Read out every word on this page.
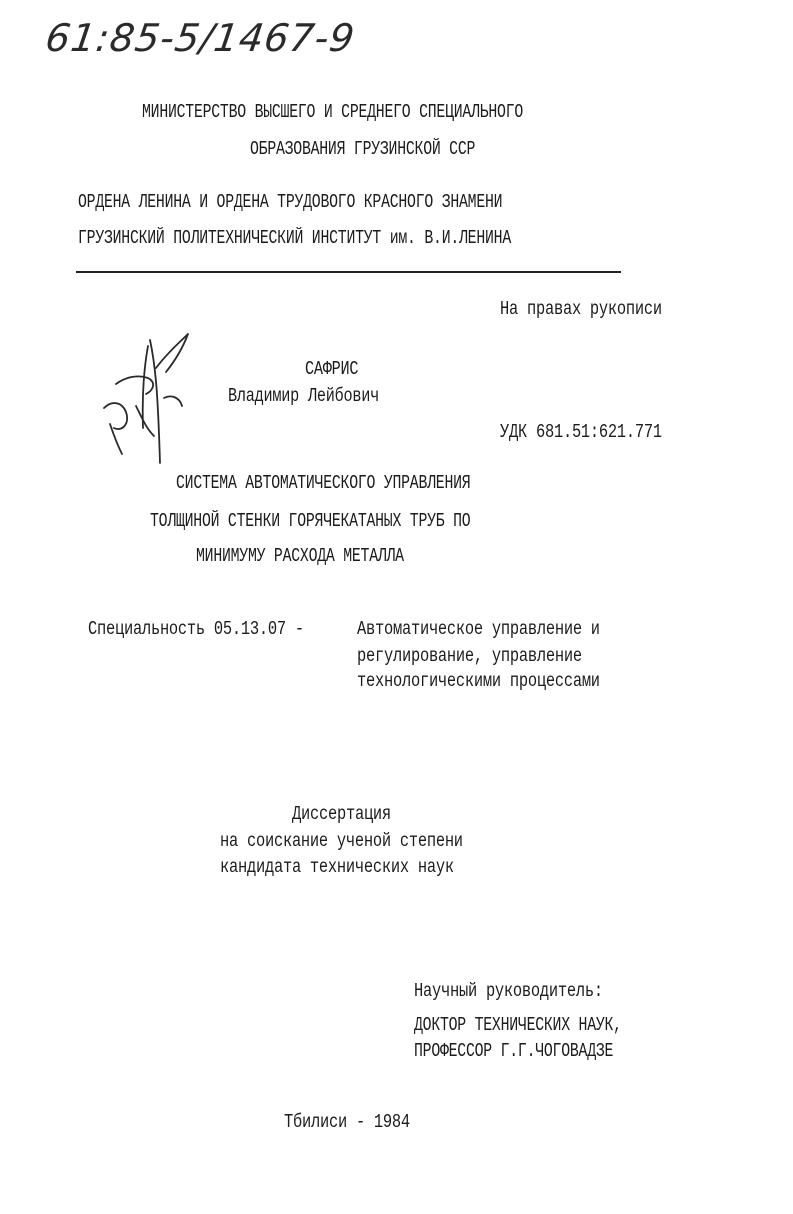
61:85-5/1467-9
МИНИСТЕРСТВО ВЫСШЕГО И СРЕДНЕГО СПЕЦИАЛЬНОГО
ОБРАЗОВАНИЯ ГРУЗИНСКОЙ ССР
ОРДЕНА ЛЕНИНА И ОРДЕНА ТРУДОВОГО КРАСНОГО ЗНАМЕНИ
ГРУЗИНСКИЙ ПОЛИТЕХНИЧЕСКИЙ ИНСТИТУТ им. В.И.ЛЕНИНА
На правах рукописи
САФРИС
Владимир Лейбович
УДК 681.51:621.771
СИСТЕМА АВТОМАТИЧЕСКОГО УПРАВЛЕНИЯ
ТОЛЩИНОЙ СТЕНКИ ГОРЯЧЕКАТАНЫХ ТРУБ ПО
МИНИМУМУ РАСХОДА МЕТАЛЛА
Специальность 05.13.07 -	Автоматическое управление и
регулирование, управление
технологическими процессами
Диссертация
на соискание ученой степени
кандидата технических наук
Научный руководитель:
ДОКТОР ТЕХНИЧЕСКИХ НАУК,
ПРОФЕССОР Г.Г.ЧОГОВАДЗЕ
Тбилиси - 1984
